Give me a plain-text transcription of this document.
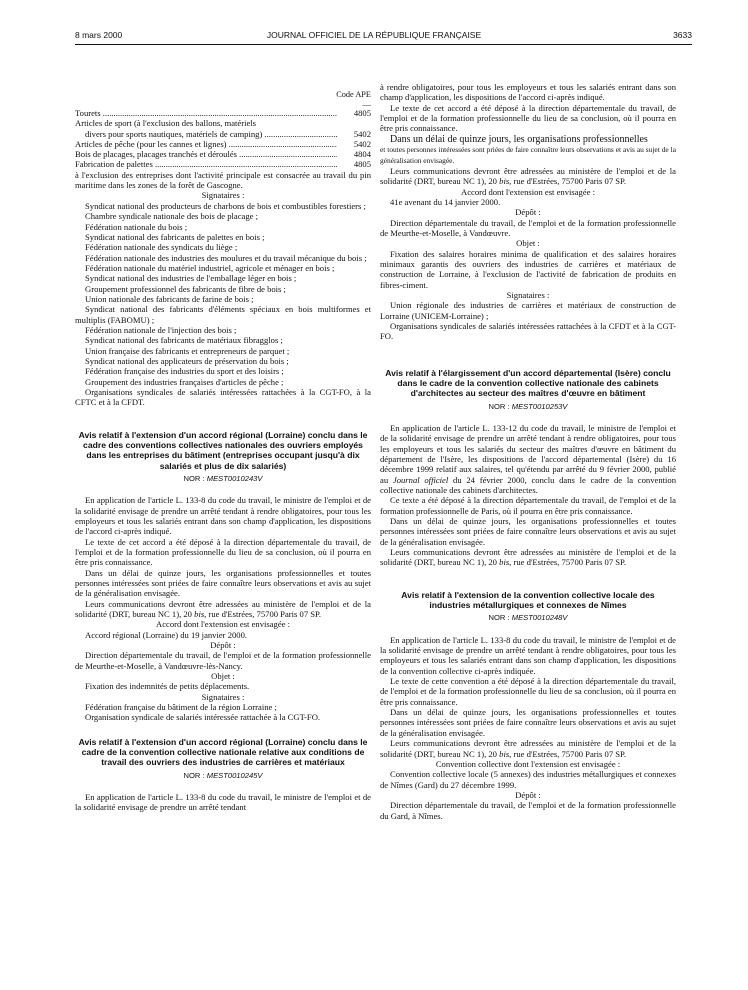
8 mars 2000	JOURNAL OFFICIEL DE LA RÉPUBLIQUE FRANÇAISE	3633

Code APE

—

Tourets .....	4805
Articles de sport (à l'exclusion des ballons, matériels
divers pour sports nautiques, matériels de camping) .....	5402
Articles de pêche (pour les cannes et lignes) .....	5402
Bois de placages, placages tranchés et déroulés .....	4804
Fabrication de palettes .....	4805

à l'exclusion des entreprises dont l'activité principale est consacrée au travail du pin maritime dans les zones de la forêt de Gascogne.

Signataires :

Syndicat national des producteurs de charbons de bois et combustibles forestiers ;

Chambre syndicale nationale des bois de placage ;

Fédération nationale du bois ;

Syndicat national des fabricants de palettes en bois ;

Fédération nationale des syndicats du liège ;

Fédération nationale des industries des moulures et du travail mécanique du bois ;

Fédération nationale du matériel industriel, agricole et ménager en bois ;

Syndicat national des industries de l'emballage léger en bois ;

Groupement professionnel des fabricants de fibre de bois ;

Union nationale des fabricants de farine de bois ;

Syndicat national des fabricants d'éléments spéciaux en bois multiformes et multiplis (FABOMU) ;

Fédération nationale de l'injection des bois ;

Syndicat national des fabricants de matériaux fibragglos ;

Union française des fabricants et entrepreneurs de parquet ;

Syndicat national des applicateurs de préservation du bois ;

Fédération française des industries du sport et des loisirs ;

Groupement des industries françaises d'articles de pêche ;

Organisations syndicales de salariés intéressées rattachées à la CGT-FO, à la CFTC et à la CFDT.

Avis relatif à l'extension d'un accord régional (Lorraine) conclu dans le cadre des conventions collectives nationales des ouvriers employés dans les entreprises du bâtiment (entreprises occupant jusqu'à dix salariés et plus de dix salariés)
NOR : MEST0010243V

En application de l'article L. 133-8 du code du travail, le ministre de l'emploi et de la solidarité envisage de prendre un arrêté tendant à rendre obligatoires, pour tous les employeurs et tous les salariés entrant dans son champ d'application, les dispositions de l'accord ci-après indiqué.

Le texte de cet accord a été déposé à la direction départementale du travail, de l'emploi et de la formation professionnelle du lieu de sa conclusion, où il pourra en être pris connaissance.

Dans un délai de quinze jours, les organisations professionnelles et toutes personnes intéressées sont priées de faire connaître leurs observations et avis au sujet de la généralisation envisagée.

Leurs communications devront être adressées au ministère de l'emploi et de la solidarité (DRT, bureau NC 1), 20 bis, rue d'Estrées, 75700 Paris 07 SP.

Accord dont l'extension est envisagée :

Accord régional (Lorraine) du 19 janvier 2000.

Dépôt :

Direction départementale du travail, de l'emploi et de la formation professionnelle de Meurthe-et-Moselle, à Vandœuvre-lès-Nancy.

Objet :

Fixation des indemnités de petits déplacements.

Signataires :

Fédération française du bâtiment de la région Lorraine ;

Organisation syndicale de salariés intéressée rattachée à la CGT-FO.

Avis relatif à l'extension d'un accord régional (Lorraine) conclu dans le cadre de la convention collective nationale relative aux conditions de travail des ouvriers des industries de carrières et matériaux
NOR : MEST0010245V

En application de l'article L. 133-8 du code du travail, le ministre de l'emploi et de la solidarité envisage de prendre un arrêté tendant

à rendre obligatoires, pour tous les employeurs et tous les salariés entrant dans son champ d'application, les dispositions de l'accord ci-après indiqué.

Le texte de cet accord a été déposé à la direction départementale du travail, de l'emploi et de la formation professionnelle du lieu de sa conclusion, où il pourra en être pris connaissance.

Dans un délai de quinze jours, les organisations professionnelles

et toutes personnes intéressées sont priées de faire connaître leurs observations et avis au sujet de la généralisation envisagée.

Leurs communications devront être adressées au ministère de l'emploi et de la solidarité (DRT, bureau NC 1), 20 bis, rue d'Estrées, 75700 Paris 07 SP.

Accord dont l'extension est envisagée :

41e avenant du 14 janvier 2000.

Dépôt :

Direction départementale du travail, de l'emploi et de la formation professionnelle de Meurthe-et-Moselle, à Vandœuvre.

Objet :

Fixation des salaires horaires minima de qualification et des salaires horaires minimaux garantis des ouvriers des industries de carrières et matériaux de construction de Lorraine, à l'exclusion de l'activité de fabrication de produits en fibres-ciment.

Signataires :

Union régionale des industries de carrières et matériaux de construction de Lorraine (UNICEM-Lorraine) ;

Organisations syndicales de salariés intéressées rattachées à la CFDT et à la CGT-FO.

Avis relatif à l'élargissement d'un accord départemental (Isère) conclu dans le cadre de la convention collective nationale des cabinets d'architectes au secteur des maîtres d'œuvre en bâtiment
NOR : MEST0010253V

En application de l'article L. 133-12 du code du travail, le ministre de l'emploi et de la solidarité envisage de prendre un arrêté tendant à rendre obligatoires, pour tous les employeurs et tous les salariés du secteur des maîtres d'œuvre en bâtiment du département de l'Isère, les dispositions de l'accord départemental (Isère) du 16 décembre 1999 relatif aux salaires, tel qu'étendu par arrêté du 9 février 2000, publié au Journal officiel du 24 février 2000, conclu dans le cadre de la convention collective nationale des cabinets d'architectes.

Ce texte a été déposé à la direction départementale du travail, de l'emploi et de la formation professionnelle de Paris, où il pourra en être pris connaissance.

Dans un délai de quinze jours, les organisations professionnelles et toutes personnes intéressées sont priées de faire connaître leurs observations et avis au sujet de la généralisation envisagée.

Leurs communications devront être adressées au ministère de l'emploi et de la solidarité (DRT, bureau NC 1), 20 bis, rue d'Estrées, 75700 Paris 07 SP.

Avis relatif à l'extension de la convention collective locale des industries métallurgiques et connexes de Nîmes
NOR : MEST0010248V

En application de l'article L. 133-8 du code du travail, le ministre de l'emploi et de la solidarité envisage de prendre un arrêté tendant à rendre obligatoires, pour tous les employeurs et tous les salariés entrant dans son champ d'application, les dispositions de la convention collective ci-après indiquée.

Le texte de cette convention a été déposé à la direction départementale du travail, de l'emploi et de la formation professionnelle du lieu de sa conclusion, où il pourra en être pris connaissance.

Dans un délai de quinze jours, les organisations professionnelles et toutes personnes intéressées sont priées de faire connaître leurs observations et avis au sujet de la généralisation envisagée.

Leurs communications devront être adressées au ministère de l'emploi et de la solidarité (DRT, bureau NC 1), 20 bis, rue d'Estrées, 75700 Paris 07 SP.

Convention collective dont l'extension est envisagée :

Convention collective locale (5 annexes) des industries métallurgiques et connexes de Nîmes (Gard) du 27 décembre 1999.

Dépôt :

Direction départementale du travail, de l'emploi et de la formation professionnelle du Gard, à Nîmes.
